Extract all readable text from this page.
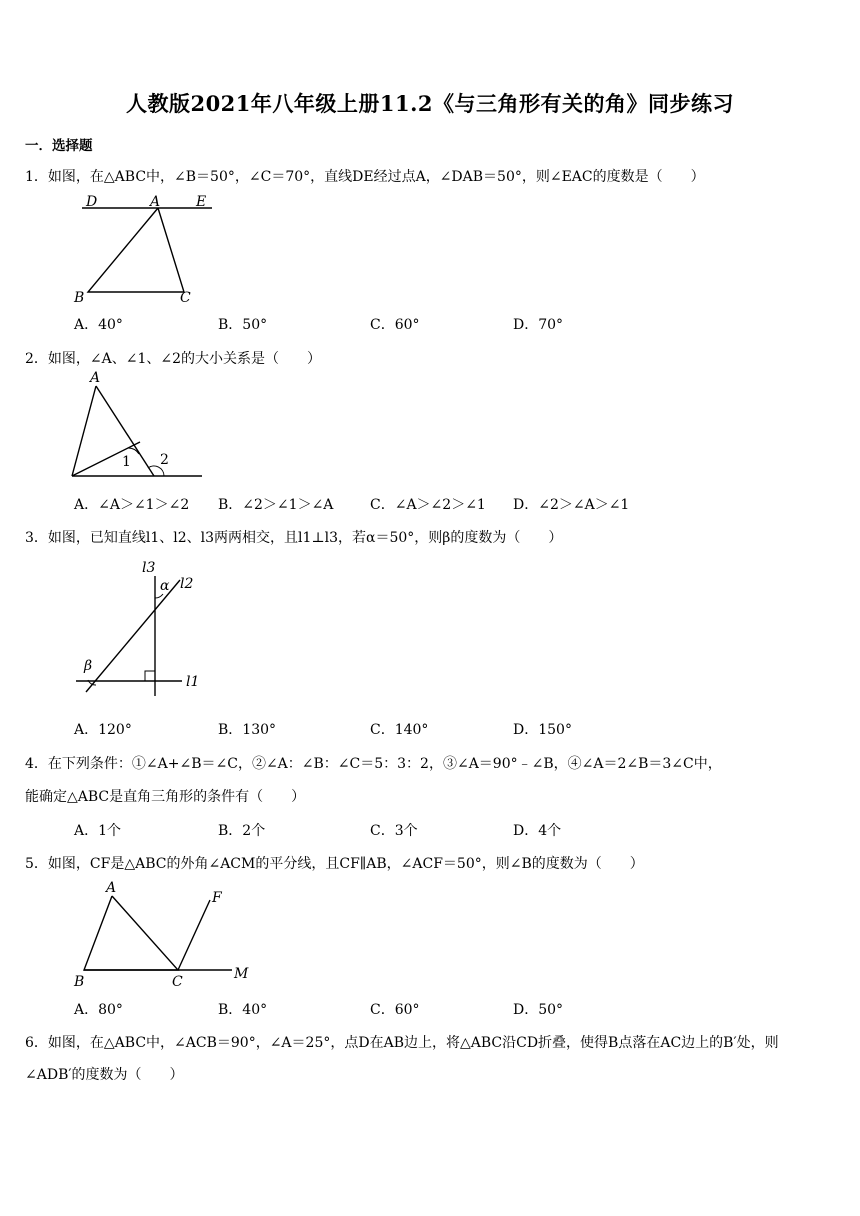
人教版2021年八年级上册11.2《与三角形有关的角》同步练习
一．选择题
1．如图，在△ABC中，∠B＝50°，∠C＝70°，直线DE经过点A，∠DAB＝50°，则∠EAC的度数是（　　）
D	A	E
B	C
A．40°	B．50°	C．60°	D．70°
2．如图，∠A、∠1、∠2的大小关系是（　　）
A
1 2
A．∠A＞∠1＞∠2 B．∠2＞∠1＞∠A	C．∠A＞∠2＞∠1 D．∠2＞∠A＞∠1
3．如图，已知直线l1、l2、l3两两相交，且l1⊥l3，若α＝50°，则β的度数为（　　）
l3
α l2
β
l1
A．120°	B．130°	C．140°	D．150°
4．在下列条件：①∠A+∠B＝∠C，②∠A：∠B：∠C＝5：3：2，③∠A＝90°﹣∠B，④∠A＝2∠B＝3∠C中，
能确定△ABC是直角三角形的条件有（　　）
A．1个	B．2个	C．3个	D．4个
5．如图，CF是△ABC的外角∠ACM的平分线，且CF∥AB，∠ACF＝50°，则∠B的度数为（　　）
A
F
B	C	M
A．80°	B．40°	C．60°	D．50°
6．如图，在△ABC中，∠ACB＝90°，∠A＝25°，点D在AB边上，将△ABC沿CD折叠，使得B点落在AC边上的B′处，则∠ADB′的度数为（　　）
